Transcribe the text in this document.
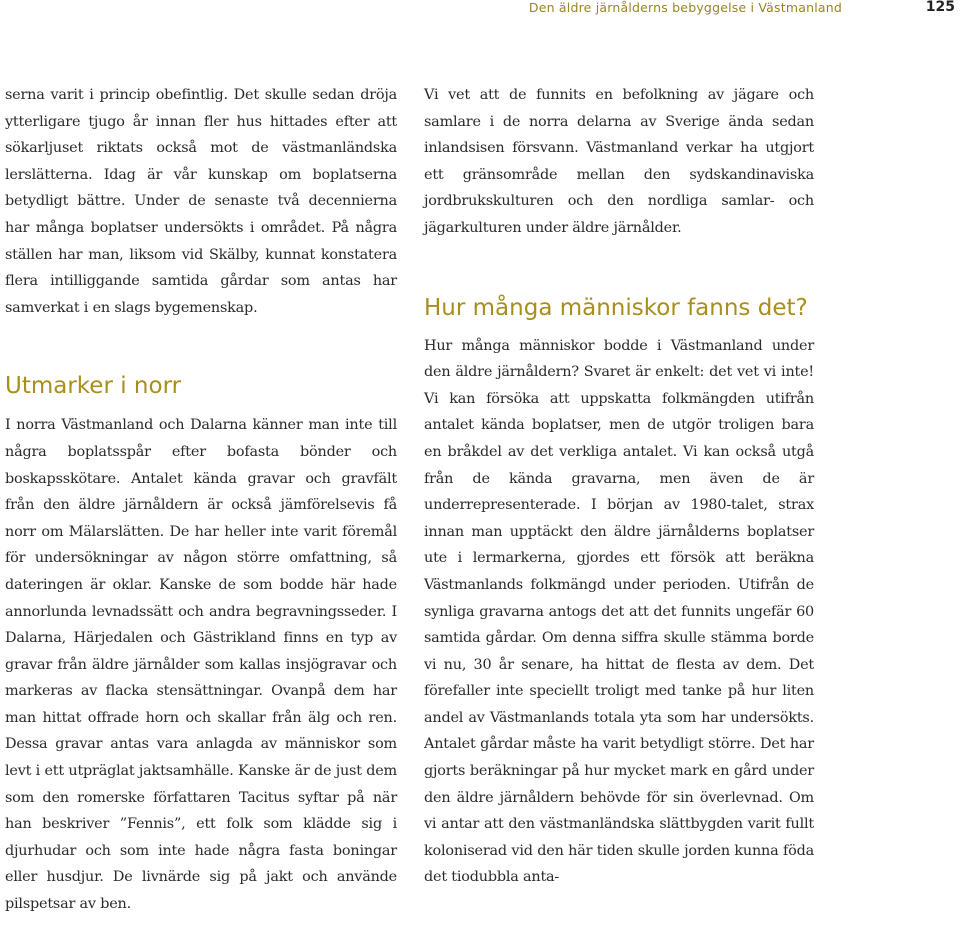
Den äldre järnålderns bebyggelse i Västmanland	125

serna varit i princip obefintlig. Det skulle sedan dröja ytterligare tjugo år innan fler hus hittades efter att sökarljuset riktats också mot de västmanländska lerslätterna. Idag är vår kunskap om boplatserna betydligt bättre. Under de senaste två decennierna har många boplatser undersökts i området. På några ställen har man, liksom vid Skälby, kunnat konstatera flera intilliggande samtida gårdar som antas har samverkat i en slags bygemenskap.

Utmarker i norr

I norra Västmanland och Dalarna känner man inte till några boplatsspår efter bofasta bönder och boskapsskötare. Antalet kända gravar och gravfält från den äldre järnåldern är också jämförelsevis få norr om Mälarslätten. De har heller inte varit föremål för undersökningar av någon större omfattning, så dateringen är oklar. Kanske de som bodde här hade annorlunda levnadssätt och andra begravningsseder. I Dalarna, Härjedalen och Gästrikland finns en typ av gravar från äldre järnålder som kallas insjögravar och markeras av flacka stensättningar. Ovanpå dem har man hittat offrade horn och skallar från älg och ren. Dessa gravar antas vara anlagda av människor som levt i ett utpräglat jaktsamhälle. Kanske är de just dem som den romerske författaren Tacitus syftar på när han beskriver ”Fennis”, ett folk som klädde sig i djurhudar och som inte hade några fasta boningar eller husdjur. De livnärde sig på jakt och använde pilspetsar av ben.

Vi vet att de funnits en befolkning av jägare och samlare i de norra delarna av Sverige ända sedan inlandsisen försvann. Västmanland verkar ha utgjort ett gränsområde mellan den sydskandinaviska jordbrukskulturen och den nordliga samlar- och jägarkulturen under äldre järnålder.

Hur många människor fanns det?

Hur många människor bodde i Västmanland under den äldre järnåldern? Svaret är enkelt: det vet vi inte! Vi kan försöka att uppskatta folkmängden utifrån antalet kända boplatser, men de utgör troligen bara en bråkdel av det verkliga antalet. Vi kan också utgå från de kända gravarna, men även de är underrepresenterade. I början av 1980-talet, strax innan man upptäckt den äldre järnålderns boplatser ute i lermarkerna, gjordes ett försök att beräkna Västmanlands folkmängd under perioden. Utifrån de synliga gravarna antogs det att det funnits ungefär 60 samtida gårdar. Om denna siffra skulle stämma borde vi nu, 30 år senare, ha hittat de flesta av dem. Det förefaller inte speciellt troligt med tanke på hur liten andel av Västmanlands totala yta som har undersökts. Antalet gårdar måste ha varit betydligt större. Det har gjorts beräkningar på hur mycket mark en gård under den äldre järnåldern behövde för sin överlevnad. Om vi antar att den västmanländska slättbygden varit fullt koloniserad vid den här tiden skulle jorden kunna föda det tiodubbla anta-
